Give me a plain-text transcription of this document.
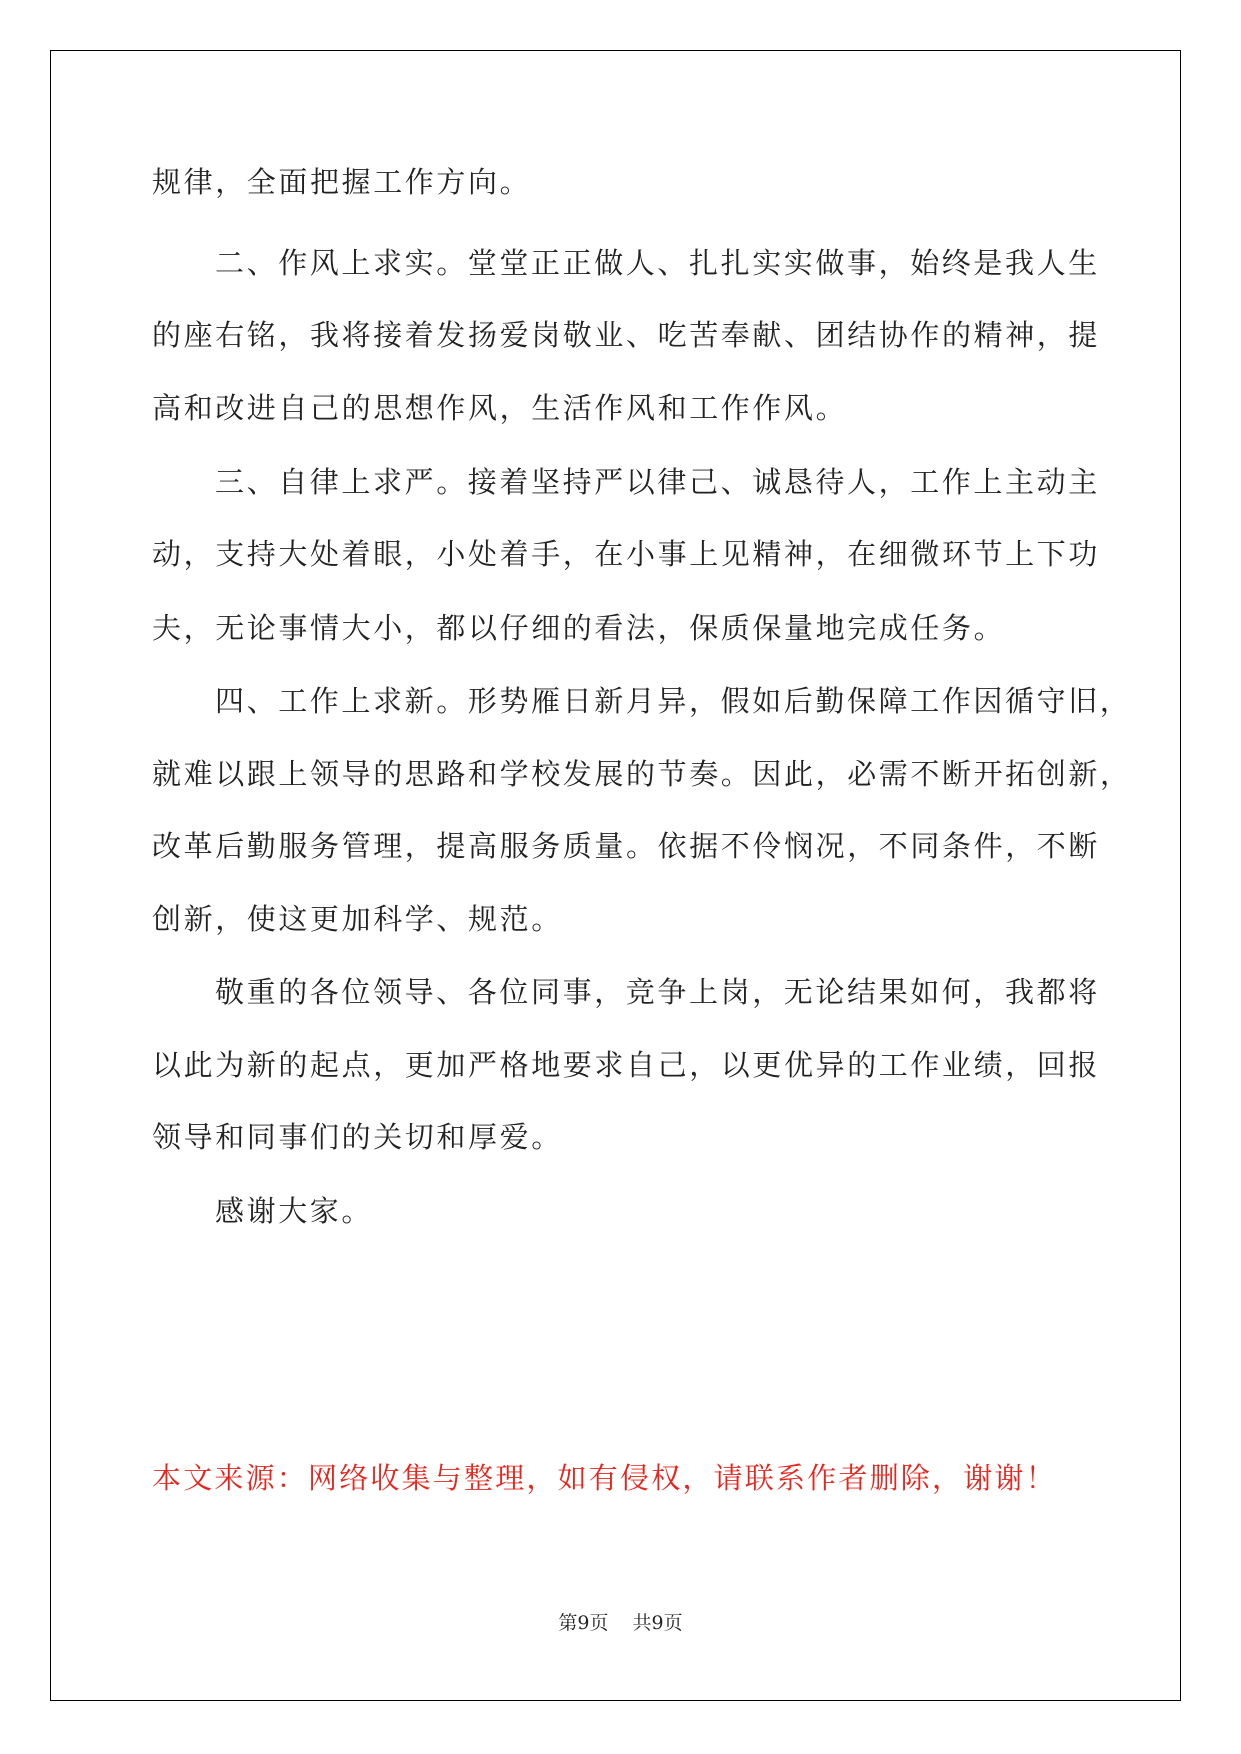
规律，全面把握工作方向。
二、作风上求实。堂堂正正做人、扎扎实实做事，始终是我人生
的座右铭，我将接着发扬爱岗敬业、吃苦奉献、团结协作的精神，提
高和改进自己的思想作风，生活作风和工作作风。
三、自律上求严。接着坚持严以律己、诚恳待人，工作上主动主
动，支持大处着眼，小处着手，在小事上见精神，在细微环节上下功
夫，无论事情大小，都以仔细的看法，保质保量地完成任务。
四、工作上求新。形势雁日新月异，假如后勤保障工作因循守旧，
就难以跟上领导的思路和学校发展的节奏。因此，必需不断开拓创新，
改革后勤服务管理，提高服务质量。依据不伶悯况，不同条件，不断
创新，使这更加科学、规范。
敬重的各位领导、各位同事，竞争上岗，无论结果如何，我都将
以此为新的起点，更加严格地要求自己，以更优异的工作业绩，回报
领导和同事们的关切和厚爱。
感谢大家。
本文来源：网络收集与整理，如有侵权，请联系作者删除，谢谢！
第9页 共9页
